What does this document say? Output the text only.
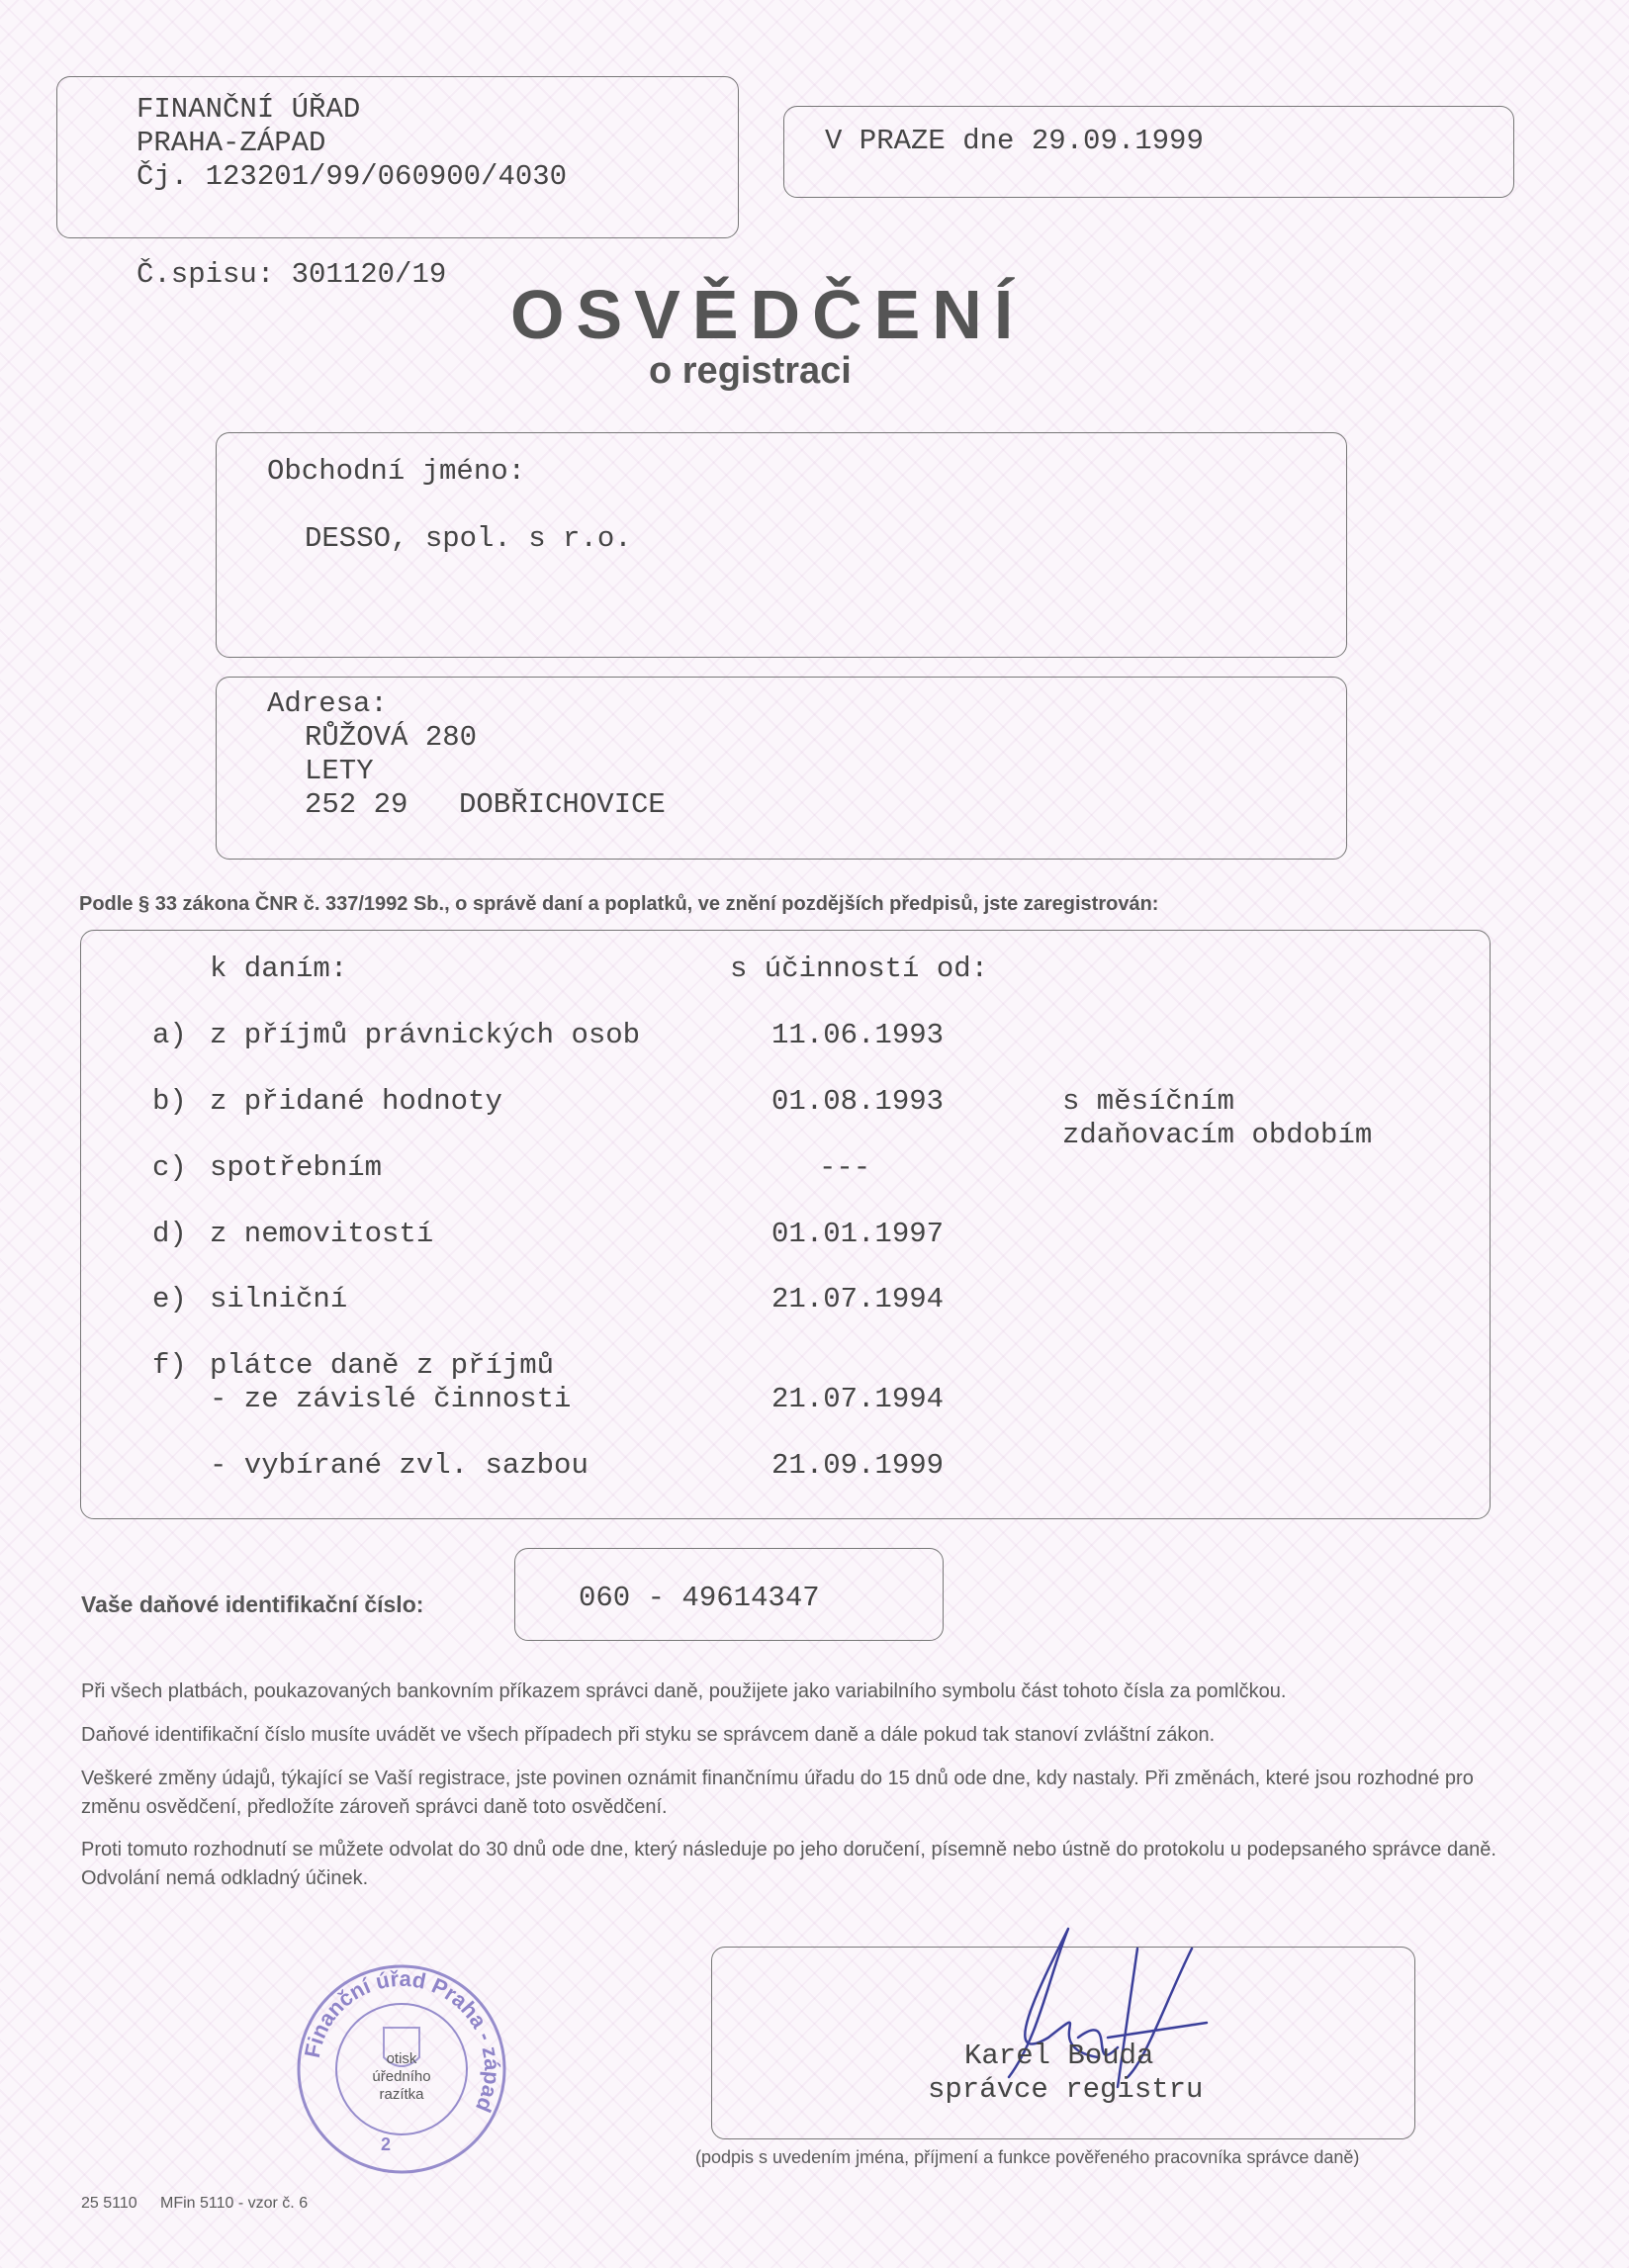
FINANČNÍ ÚŘAD
PRAHA-ZÁPAD
Čj. 123201/99/060900/4030
V PRAZE dne 29.09.1999
Č.spisu: 301120/19
OSVĚDČENÍ
o registraci
Obchodní jméno:
DESSO, spol. s r.o.
Adresa:
RŮŽOVÁ 280
LETY
252 29 DOBŘICHOVICE
Podle § 33 zákona ČNR č. 337/1992 Sb., o správě daní a poplatků, ve znění pozdějších předpisů, jste zaregistrován:
k daním:	s účinností od:
a) z příjmů právnických osob	11.06.1993
b) z přidané hodnoty	01.08.1993	s měsíčním
zdaňovacím obdobím
c) spotřebním	---
d) z nemovitostí	01.01.1997
e) silniční	21.07.1994
f) plátce daně z příjmů
- ze závislé činnosti	21.07.1994
- vybírané zvl. sazbou	21.09.1999
Vaše daňové identifikační číslo:	060 - 49614347
Při všech platbách, poukazovaných bankovním příkazem správci daně, použijete jako variabilního symbolu část tohoto čísla za pomlčkou.
Daňové identifikační číslo musíte uvádět ve všech případech při styku se správcem daně a dále pokud tak stanoví zvláštní zákon.
Veškeré změny údajů, týkající se Vaší registrace, jste povinen oznámit finančnímu úřadu do 15 dnů ode dne, kdy nastaly. Při změnách, které jsou rozhodné pro změnu osvědčení, předložíte zároveň správci daně toto osvědčení.
Proti tomuto rozhodnutí se můžete odvolat do 30 dnů ode dne, který následuje po jeho doručení, písemně nebo ústně do protokolu u podepsaného správce daně. Odvolání nemá odkladný účinek.
Finanční úřad Praha - západ
otisk
úředního
razítka
2
Karel Bouda
správce registru
(podpis s uvedením jména, příjmení a funkce pověřeného pracovníka správce daně)
25 5110 MFin 5110 - vzor č. 6
